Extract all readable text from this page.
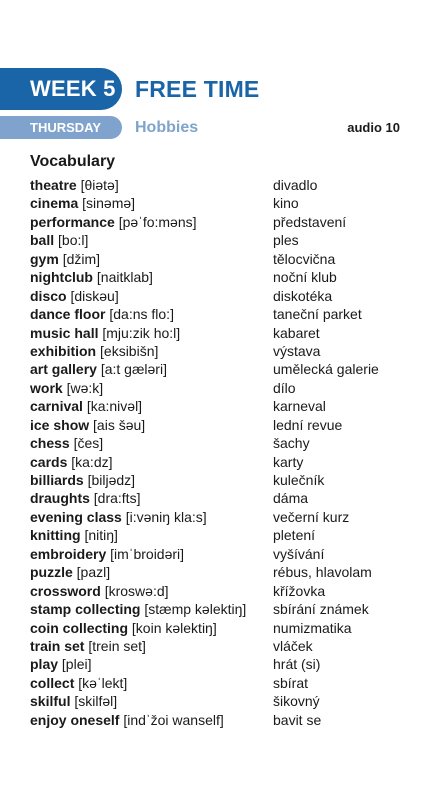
WEEK 5 FREE TIME
THURSDAY	Hobbies	audio 10
Vocabulary
theatre [θiətə]	divadlo
cinema [sinəmə]	kino
performance [pəˈfo:məns]	představení
ball [bo:l]	ples
gym [džim]	tělocvična
nightclub [naitklab]	noční klub
disco [diskəu]	diskotéka
dance floor [da:ns flo:]	taneční parket
music hall [mju:zik ho:l]	kabaret
exhibition [eksibišn]	výstava
art gallery [a:t gæləri]	umělecká galerie
work [wə:k]	dílo
carnival [ka:nivəl]	karneval
ice show [ais šəu]	lední revue
chess [čes]	šachy
cards [ka:dz]	karty
billiards [biljədz]	kulečník
draughts [dra:fts]	dáma
evening class [i:vəniŋ kla:s]	večerní kurz
knitting [nitiŋ]	pletení
embroidery [imˈbroidəri]	vyšívání
puzzle [pazl]	rébus, hlavolam
crossword [kroswə:d]	křížovka
stamp collecting [stæmp kəlektiŋ] sbírání známek
coin collecting [koin kəlektiŋ]	numizmatika
train set [trein set]	vláček
play [plei]	hrát (si)
collect [kəˈlekt]	sbírat
skilful [skilfəl]	šikovný
enjoy oneself [indˈžoi wanself]	bavit se
